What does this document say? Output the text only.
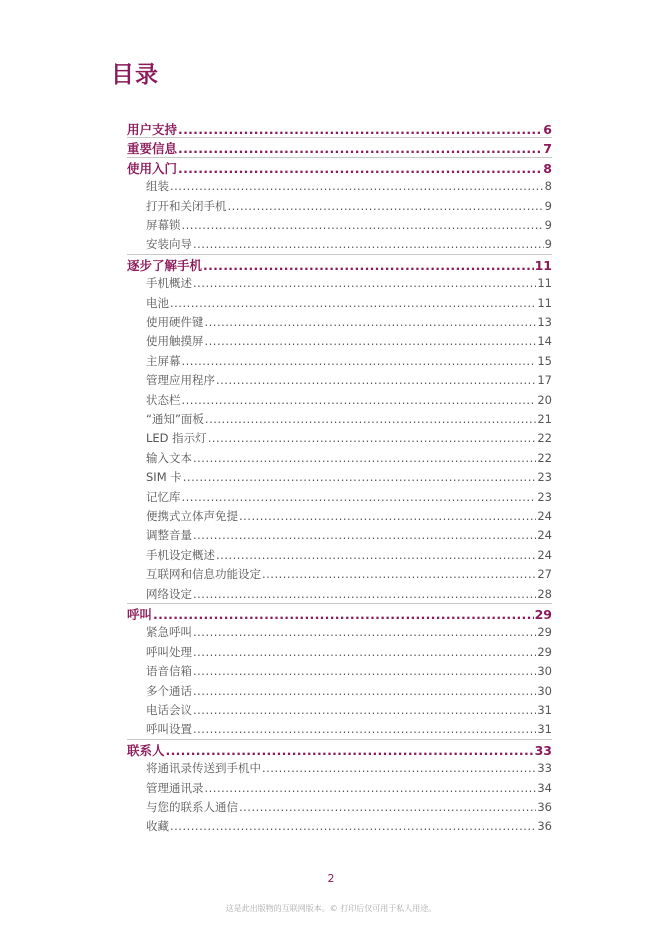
目录
用户支持 .....	6
重要信息 .....	7
使用入门 .....	8
组装 .....	8
打开和关闭手机 .....	9
屏幕锁 .....	9
安装向导 .....	9
逐步了解手机 .....	11
手机概述 .....	11
电池 .....	11
使用硬件键 .....	13
使用触摸屏 .....	14
主屏幕 .....	15
管理应用程序 .....	17
状态栏 .....	20
“通知”面板 .....	21
LED 指示灯 .....	22
输入文本 .....	22
SIM 卡 .....	23
记忆库 .....	23
便携式立体声免提 .....	24
调整音量 .....	24
手机设定概述 .....	24
互联网和信息功能设定 .....	27
网络设定 .....	28
呼叫 .....	29
紧急呼叫 .....	29
呼叫处理 .....	29
语音信箱 .....	30
多个通话 .....	30
电话会议 .....	31
呼叫设置 .....	31
联系人 .....	33
将通讯录传送到手机中 .....	33
管理通讯录 .....	34
与您的联系人通信 .....	36
收藏 .....	36
2
这是此出版物的互联网版本。© 打印后仅可用于私人用途。
